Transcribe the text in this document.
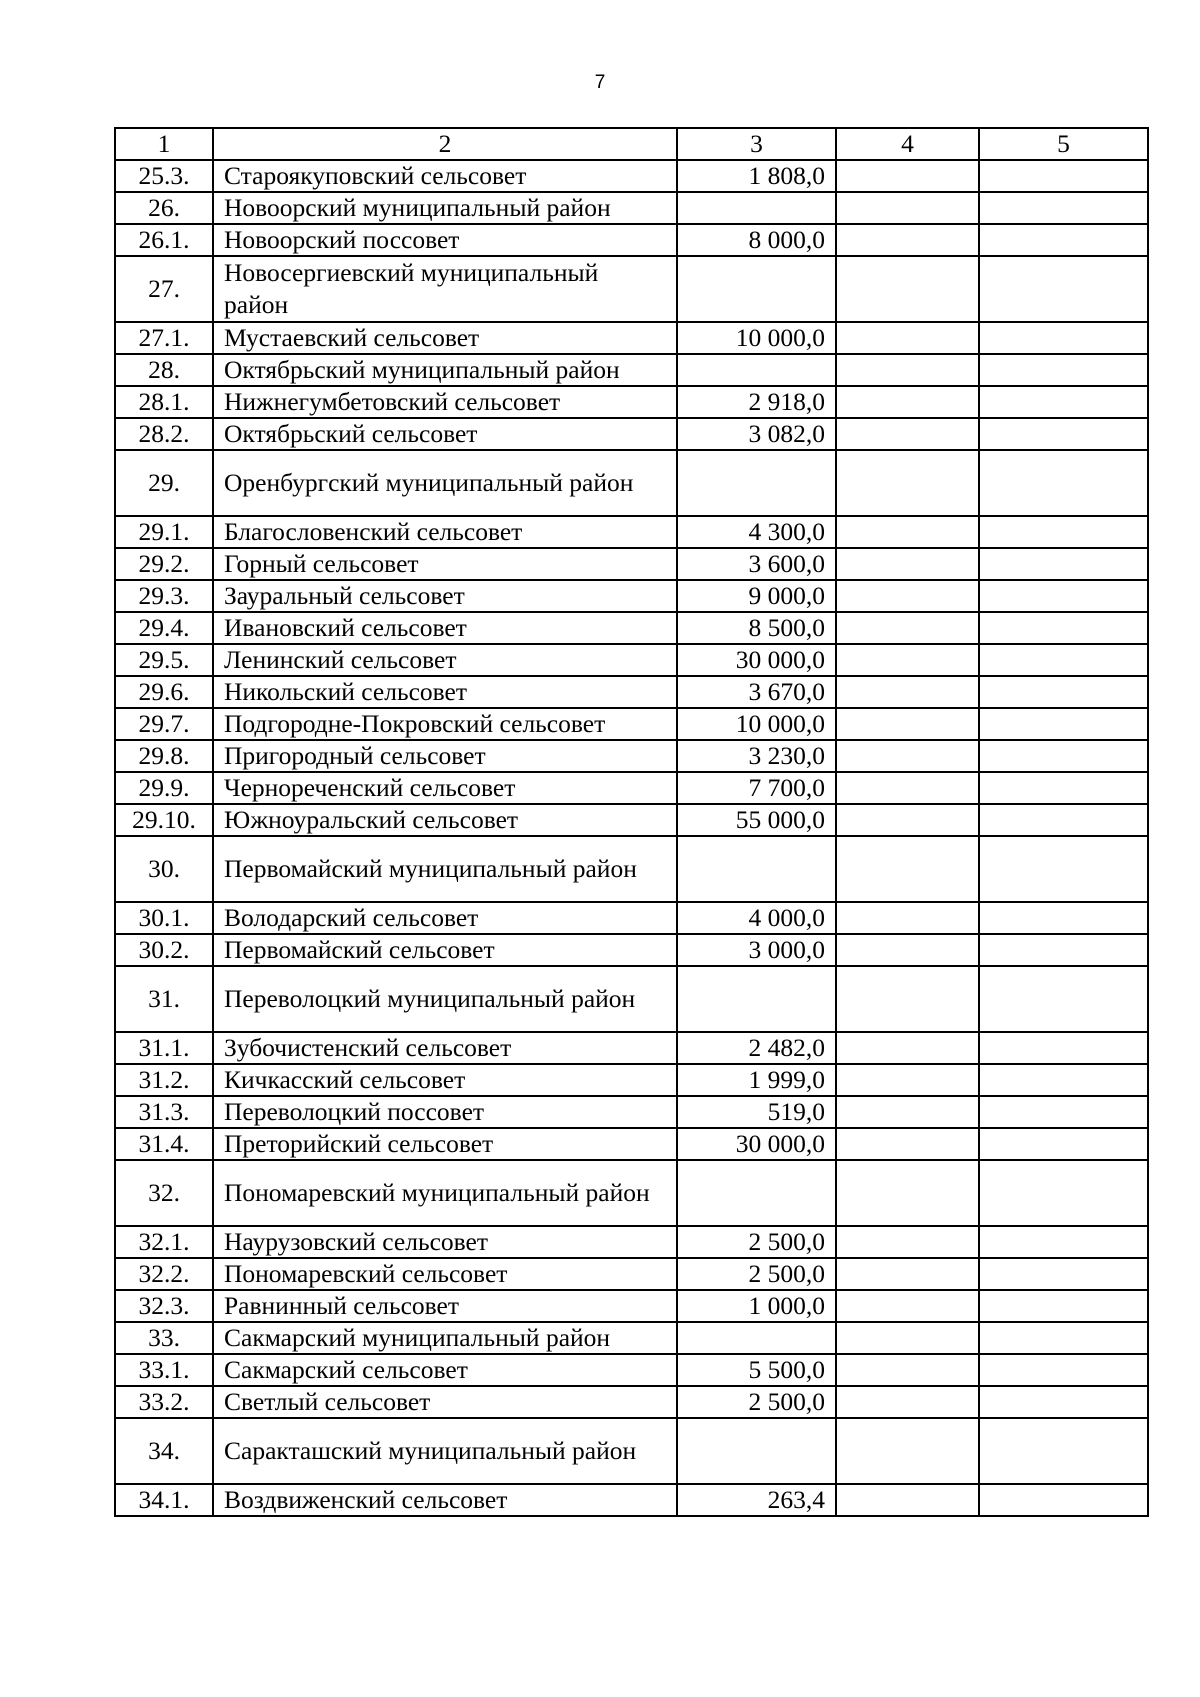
7
1	2	3	4	5
25.3.	Староякуповский сельсовет	1 808,0		
26.	Новоорский муниципальный район			
26.1.	Новоорский поссовет	8 000,0		
27.	Новосергиевский муниципальный район			
27.1.	Мустаевский сельсовет	10 000,0		
28.	Октябрьский муниципальный район			
28.1.	Нижнегумбетовский сельсовет	2 918,0		
28.2.	Октябрьский сельсовет	3 082,0		
29.	Оренбургский муниципальный район			
29.1.	Благословенский сельсовет	4 300,0		
29.2.	Горный сельсовет	3 600,0		
29.3.	Зауральный сельсовет	9 000,0		
29.4.	Ивановский сельсовет	8 500,0		
29.5.	Ленинский сельсовет	30 000,0		
29.6.	Никольский сельсовет	3 670,0		
29.7.	Подгородне-Покровский сельсовет	10 000,0		
29.8.	Пригородный сельсовет	3 230,0		
29.9.	Чернореченский сельсовет	7 700,0		
29.10.	Южноуральский сельсовет	55 000,0		
30.	Первомайский муниципальный район			
30.1.	Володарский сельсовет	4 000,0		
30.2.	Первомайский сельсовет	3 000,0		
31.	Переволоцкий муниципальный район			
31.1.	Зубочистенский сельсовет	2 482,0		
31.2.	Кичкасский сельсовет	1 999,0		
31.3.	Переволоцкий поссовет	519,0		
31.4.	Преторийский сельсовет	30 000,0		
32.	Пономаревский муниципальный район			
32.1.	Наурузовский сельсовет	2 500,0		
32.2.	Пономаревский сельсовет	2 500,0		
32.3.	Равнинный сельсовет	1 000,0		
33.	Сакмарский муниципальный район			
33.1.	Сакмарский сельсовет	5 500,0		
33.2.	Светлый сельсовет	2 500,0		
34.	Саракташский муниципальный район			
34.1.	Воздвиженский сельсовет	263,4		
